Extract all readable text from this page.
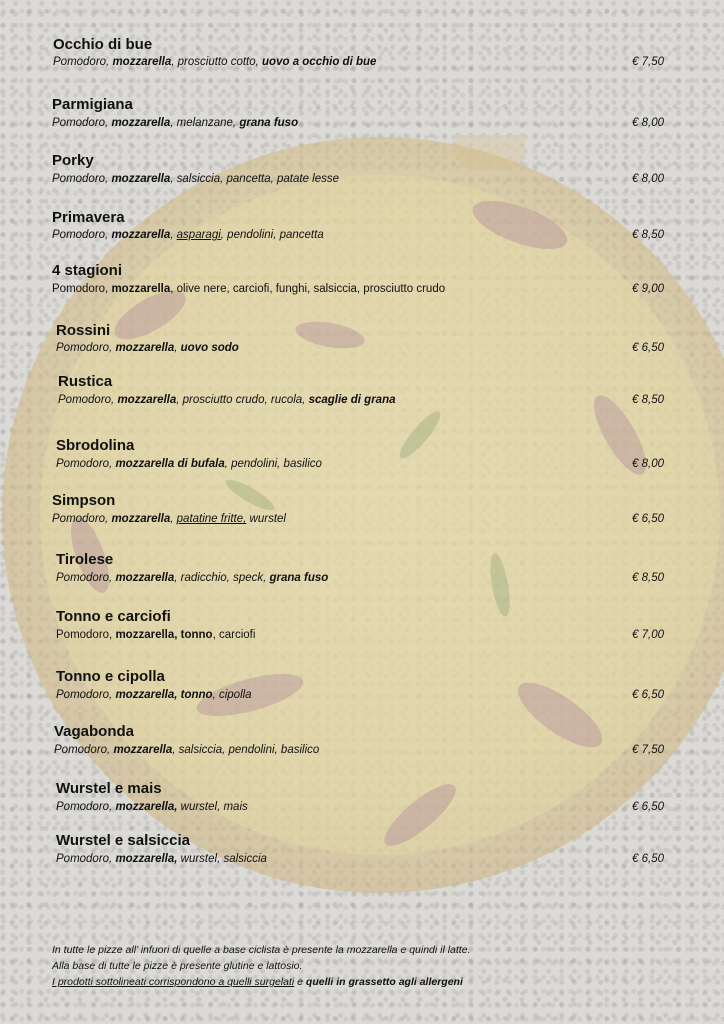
Occhio di bue
Pomodoro, mozzarella, prosciutto cotto, uovo a occhio di bue	€ 7,50
Parmigiana
Pomodoro, mozzarella, melanzane, grana fuso	€ 8,00
Porky
Pomodoro, mozzarella, salsiccia, pancetta, patate lesse	€ 8,00
Primavera
Pomodoro, mozzarella, asparagi, pendolini, pancetta	€ 8,50
4 stagioni
Pomodoro, mozzarella, olive nere, carciofi, funghi, salsiccia, prosciutto crudo	€ 9,00
Rossini
Pomodoro, mozzarella, uovo sodo	€ 6,50
Rustica
Pomodoro, mozzarella, prosciutto crudo, rucola, scaglie di grana	€ 8,50
Sbrodolina
Pomodoro, mozzarella di bufala, pendolini, basilico	€ 8,00
Simpson
Pomodoro, mozzarella, patatine fritte, wurstel	€ 6,50
Tirolese
Pomodoro, mozzarella, radicchio, speck, grana fuso	€ 8,50
Tonno e carciofi
Pomodoro, mozzarella, tonno, carciofi	€ 7,00
Tonno e cipolla
Pomodoro, mozzarella, tonno, cipolla	€ 6,50
Vagabonda
Pomodoro, mozzarella, salsiccia, pendolini, basilico	€ 7,50
Wurstel e mais
Pomodoro, mozzarella, wurstel, mais	€ 6,50
Wurstel e salsiccia
Pomodoro, mozzarella, wurstel, salsiccia	€ 6,50
In tutte le pizze all’ infuori di quelle a base ciclista è presente la mozzarella e quindi il latte.
Alla base di tutte le pizze è presente glutine e lattosio.
I prodotti sottolineati corrispondono a quelli surgelati e quelli in grassetto agli allergeni
